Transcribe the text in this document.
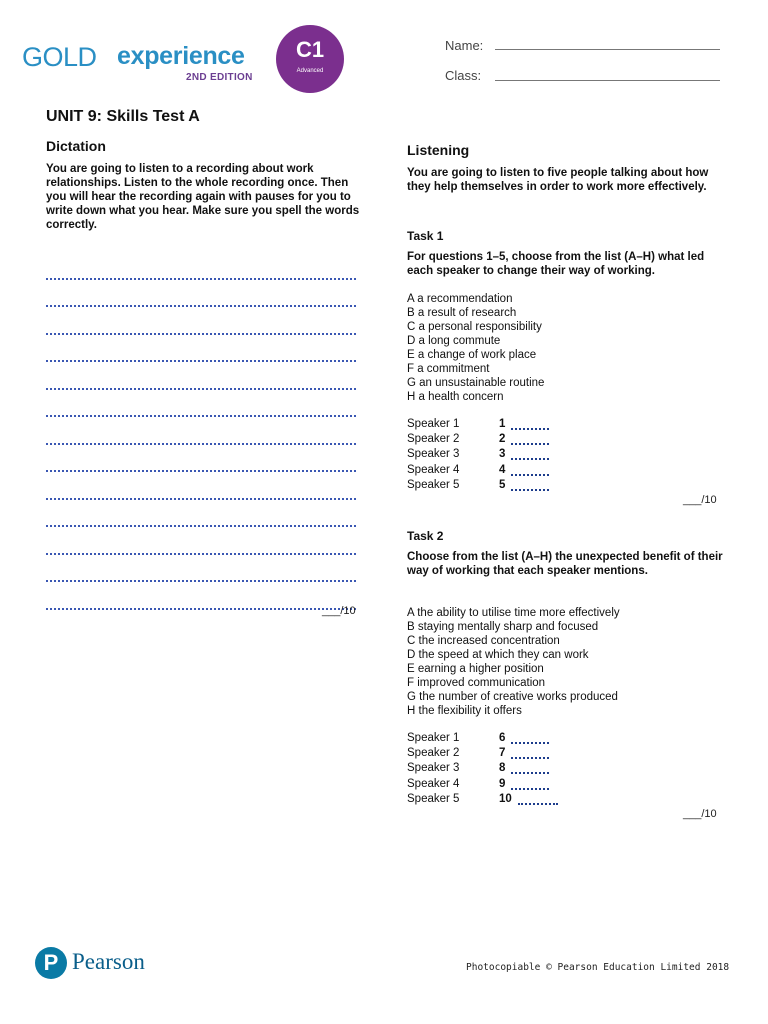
GOLD experience
2ND EDITION
C1
Advanced
Name:
Class:
UNIT 9: Skills Test A
Dictation
You are going to listen to a recording about work relationships. Listen to the whole recording once. Then you will hear the recording again with pauses for you to write down what you hear. Make sure you spell the words correctly.
___/10
Listening
You are going to listen to five people talking about how they help themselves in order to work more effectively.
Task 1
For questions 1–5, choose from the list (A–H) what led each speaker to change their way of working.
A a recommendation
B a result of research
C a personal responsibility
D a long commute
E a change of work place
F a commitment
G an unsustainable routine
H a health concern
Speaker 1	1
Speaker 2	2
Speaker 3	3
Speaker 4	4
Speaker 5	5
___/10
Task 2
Choose from the list (A–H) the unexpected benefit of their way of working that each speaker mentions.
A the ability to utilise time more effectively
B staying mentally sharp and focused
C the increased concentration
D the speed at which they can work
E earning a higher position
F improved communication
G the number of creative works produced
H the flexibility it offers
Speaker 1	6
Speaker 2	7
Speaker 3	8
Speaker 4	9
Speaker 5	10
___/10
P Pearson	Photocopiable © Pearson Education Limited 2018
